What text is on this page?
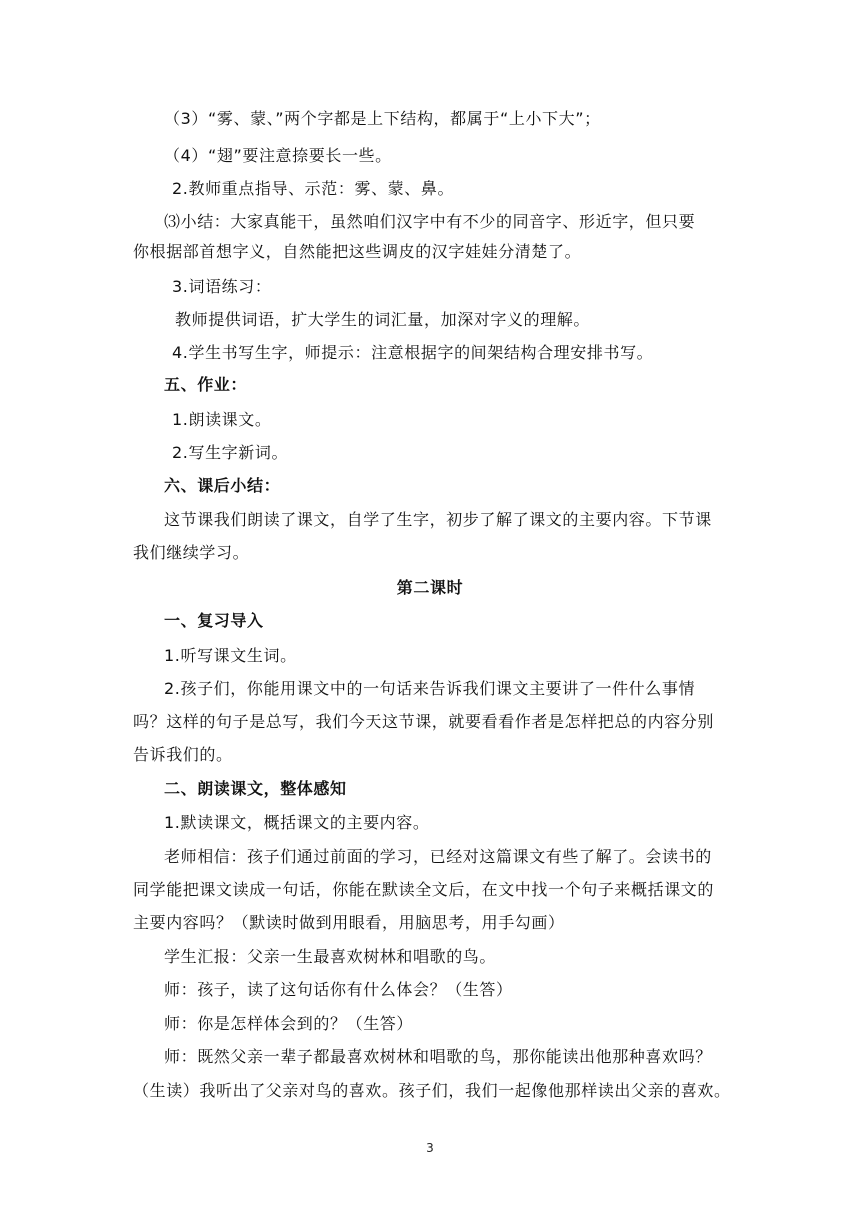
（3）“雾、蒙、”两个字都是上下结构，都属于“上小下大”；
（4）“翅”要注意捺要长一些。
2.教师重点指导、示范：雾、蒙、鼻。
⑶小结：大家真能干，虽然咱们汉字中有不少的同音字、形近字，但只要
你根据部首想字义，自然能把这些调皮的汉字娃娃分清楚了。
3.词语练习：
教师提供词语，扩大学生的词汇量，加深对字义的理解。
4.学生书写生字，师提示：注意根据字的间架结构合理安排书写。
五、作业：
1.朗读课文。
2.写生字新词。
六、课后小结：
这节课我们朗读了课文，自学了生字，初步了解了课文的主要内容。下节课
我们继续学习。
第二课时
一、复习导入
1.听写课文生词。
2.孩子们，你能用课文中的一句话来告诉我们课文主要讲了一件什么事情
吗？这样的句子是总写，我们今天这节课，就要看看作者是怎样把总的内容分别
告诉我们的。
二、朗读课文，整体感知
1.默读课文，概括课文的主要内容。
老师相信：孩子们通过前面的学习，已经对这篇课文有些了解了。会读书的
同学能把课文读成一句话，你能在默读全文后，在文中找一个句子来概括课文的
主要内容吗？（默读时做到用眼看，用脑思考，用手勾画）
学生汇报：父亲一生最喜欢树林和唱歌的鸟。
师：孩子，读了这句话你有什么体会？（生答）
师：你是怎样体会到的？（生答）
师：既然父亲一辈子都最喜欢树林和唱歌的鸟，那你能读出他那种喜欢吗？
（生读）我听出了父亲对鸟的喜欢。孩子们，我们一起像他那样读出父亲的喜欢。
3
